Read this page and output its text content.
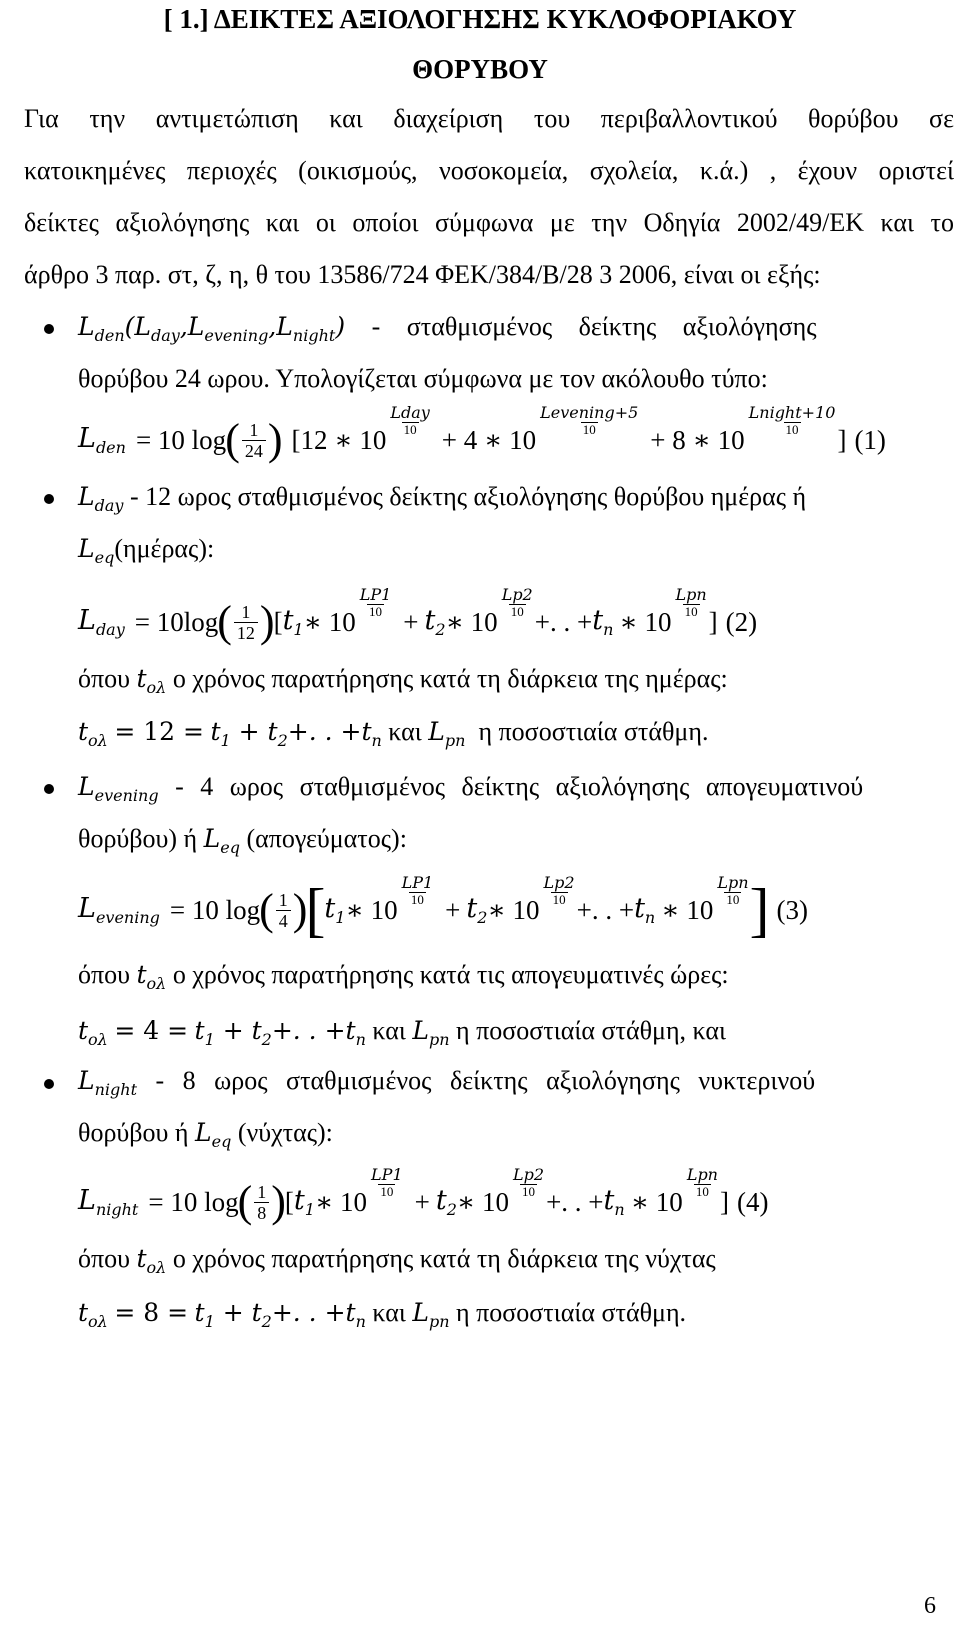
[ 1.] ΔΕΙΚΤΕΣ ΑΞΙΟΛΟΓΗΣΗΣ ΚΥΚΛΟΦΟΡΙΑΚΟΥ
ΘΟΡΥΒΟΥ
Για την αντιμετώπιση και διαχείριση του περιβαλλοντικού θορύβου σε
κατοικημένες περιοχές (οικισμούς, νοσοκομεία, σχολεία, κ.ά.) , έχουν οριστεί
δείκτες αξιολόγησης και οι οποίοι σύμφωνα με την Οδηγία 2002/49/ΕΚ και το
άρθρο 3 παρ. στ, ζ, η, θ του 13586/724 ΦΕΚ/384/Β/28 3 2006, είναι οι εξής:
$L_{den}(L_{day},L_{evening},L_{night})$ - σταθμισμένος δείκτης αξιολόγησης
θορύβου 24 ωρου. Υπολογίζεται σύμφωνα με τον ακόλουθο τύπο:
$L_{den} = 10$ log ( $\frac{1}{24}$ ) [12 ∗ 10
$\frac{\text{Lday}}{10}$
+ 4 ∗ 10
$\frac{\text{Levening+5}}{10}$
+ 8 ∗ 10
$\frac{\text{Lnight+10}}{10}$
] (1)
$L_{day} - 12$ ωρος σταθμισμένος δείκτης αξιολόγησης θορύβου ημέρας ή
$L_{eq}(\eta\mu έ\rho\alpha\varsigma)$:
$L_{day} = 10\log$ ( $\frac{1}{12}$ ) [ $t_1$ ∗ 10
$\frac{LP1}{10}$
+ $t_2$ ∗ 10
$\frac{Lp2}{10}$
+. . + $t_n$ ∗ 10
$\frac{\text{Lpn}}{10}$
] (2)
όπου $t_{o\lambda}$ ο χρόνος παρατήρησης κατά τη διάρκεια της ημέρας:
$t_{o\lambda} = 12 = t_1 + t_2+$. . $+t_n$ και $L_{pn}$ η ποσοστιαία στάθμη.
$L_{evening} - 4$ ωρος σταθμισμένος δείκτης αξιολόγησης απογευματινού
θορύβου) ή $L_{eq}$ (απογεύματος):
$L_{evening} = 10$ log ( $\frac{1}{4}$ )
[ $t_1$ ∗ 10
$\frac{LP1}{10}$
+ $t_2$ ∗ 10
$\frac{Lp2}{10}$
+. . + $t_n$ ∗ 10
$\frac{\text{Lpn}}{10}$ ] (3)
όπου $t_{o\lambda}$ ο χρόνος παρατήρησης κατά τις απογευματινές ώρες:
$t_{o\lambda} = 4 = t_1 + t_2+$. . $+t_n$ και $L_{pn}$ η ποσοστιαία στάθμη, και
$L_{night} - 8$ ωρος σταθμισμένος δείκτης αξιολόγησης νυκτερινού
θορύβου ή $L_{eq}$ (νύχτας):
$L_{night} = 10$ log ( $\frac{1}{8}$ ) [ $t_1$ ∗ 10
$\frac{LP1}{10}$
+ $t_2$ ∗ 10
$\frac{Lp2}{10}$
+. . + $t_n$ ∗ 10
$\frac{\text{Lpn}}{10}$
] (4)
όπου $t_{o\lambda}$ ο χρόνος παρατήρησης κατά τη διάρκεια της νύχτας
$t_{o\lambda} = 8 = t_1 + t_2+$. . $+t_n$ και $L_{pn}$ η ποσοστιαία στάθμη.
6
